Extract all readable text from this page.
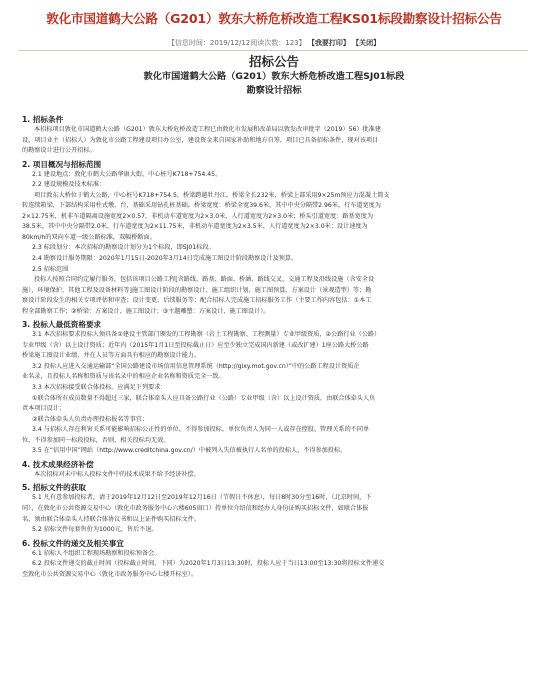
敦化市国道鹤大公路（G201）敦东大桥危桥改造工程KS01标段勘察设计招标公告
【信息时间：2019/12/12阅读次数：123】 【我要打印】 【关闭】
招标公告
敦化市国道鹤大公路（G201）敦东大桥危桥改造工程SJ01标段
勘察设计招标

1. 招标条件

本招标项目敦化市国道鹤大公路（G201）敦东大桥危桥改造工程已由敦化市发展和改革局以敦发改审批字（2019）56）批准建

设，项目业主（招标人）为敦化市公路工程建设项目办公室，建设资金来自国家补助和地方自筹，项目已具备招标条件，现对该项目

的勘察设计进行公开招标。

2. 项目概况与招标范围

2.1 建设地点：敦化市鹤大公路华康大街，中心桩号K718+754.45。

2.2 建设规模及技术标准：

项目敦东大桥位于鹤大公路，中心桩号K718+754.5，桥梁跨越牡丹江。桥梁全长232米，桥梁上部采用9×25m预应力混凝土简支

转连续箱梁，下部结构采用柱式墩、台，基础采用钻孔桩基础。桥梁宽度：桥梁全宽39.6米，其中中央分隔带2.96米，行车道宽度为

2×12.75米，机非车道隔离设施宽度2×0.57，非机动车道宽度为2×3.0米，人行道宽度为2×3.0米；桥头引道宽度：路基宽度为

38.5米，其中中央分隔带2.0米，行车道宽度为2×11.75米，非机动车道宽度为2×3.5米，人行道宽度为2×3.0米；设计速度为

80km/h的双向车道一级公路标准，双幅桥断面。

2.3 标段划分：本次招标的勘察设计划分为1个标段，即SJ01标段。

2.4 勘察设计服务期限：2020年1月15日-2020年3月14日完成施工图设计阶段勘察设计及预算。

2.5 招标范围

投标人按照合同约定履行服务，包括该项目公路工程[含路线、路基、路面、桥涵、路线交叉、交通工程及沿线设施（含安全设

施）、环境保护、其他工程及设备材料等]施工图设计阶段的勘察设计、施工组织计划、施工图预算、方案设计（景观造型）等；勘

察设计阶段发生的相关专项评估和审查；设计变更、后续服务等；配合招标人完成施工招标服务工作（主要工作内容包括：①本工

程全部勘察工作；②桥梁：方案设计、施工图设计；③主题雕塑：方案设计、施工图设计）。

3. 投标人最低资格要求

3.1 本次招标要求投标人须具备①建设主管部门颁发的工程勘察（岩土工程勘察、工程测量）专业甲级资质，②公路行业（公路）

专业甲级（含）以上设计资质；近年内（2015年1月1日至投标截止日）应至少独立完成国内新建（或改扩建）1座公路大桥公路

桥梁施工图设计业绩，并在人员等方面具有相应的勘察设计能力。

3.2 投标人应进入交通运输部“全国公路建设市场信用信息管理系统（http://glxy.mot.gov.cn）”中的公路工程设计资质企

业名录，且投标人名称和资质与该名录中的相应企业名称和资质完全一致。

3.3 本次招标接受联合体投标。应满足下列要求：

①联合体所有成员数量不得超过三家，联合体牵头人应具备公路行业（公路）专业甲级（含）以上设计资质，由联合体牵头人负

责本项目设计；

②联合体牵头人负责办理投标报名等事宜；

3.4 与招标人存在利害关系可能影响招标公正性的单位，不得参加投标。单位负责人为同一人或存在控股、管理关系的不同单

位，不得参加同一标段投标，否则，相关投标均无效。

3.5 在“信用中国”网站（http://www.creditchina.gov.cn/）中被列入失信被执行人名单的投标人，不得参加投标。

4. 技术成果经济补偿

本次招标对未中标人投标文件中的技术成果不给予经济补偿。

5. 招标文件的获取

5.1 凡有意参加投标者，请于2019年12月12日至2019年12月16日（节假日不休息），每日8时30分至16时，（北京时间，下

同），在敦化市公共资源交易中心（敦化市政务服务中心六楼605窗口）持单位介绍信和经办人身份证购买招标文件，如联合体报

名，须由联合体牵头人持联合体协议书和以上证件购买招标文件。

5.2 招标文件每套售价为1000元，售后不退。

6. 投标文件的递交及相关事宜

6.1 招标人不组织工程现场勘察和投标预备会。

6.2 投标文件递交的截止时间（投标截止时间，下同）为2020年1月3日13:30时，投标人应于当日13:00至13:30将投标文件递交

至敦化市公共资源交易中心（敦化市政务服务中心七楼开标室）。
